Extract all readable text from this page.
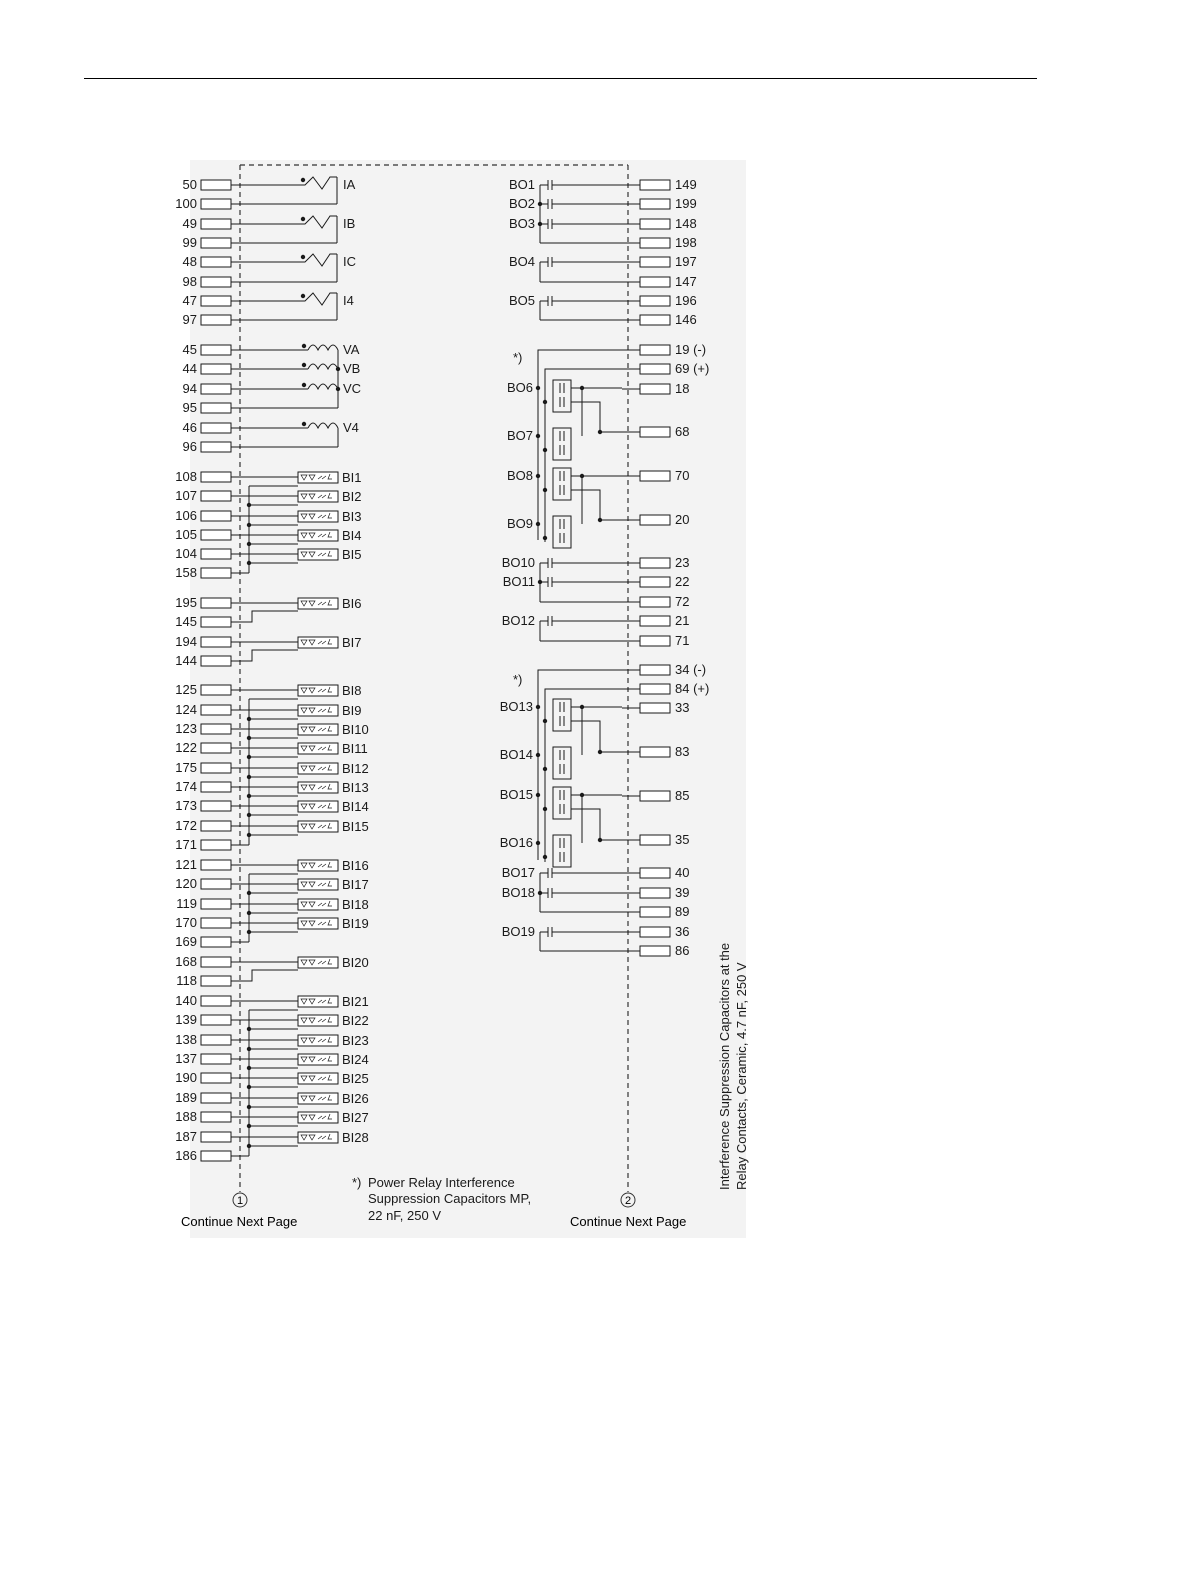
50
100
49
99
48
98
47
97
45
44
94
95
46
96
108
107
106
105
104
158
195
145
194
144
125
124
123
122
175
174
173
172
171
121
120
119
170
169
168
118
140
139
138
137
190
189
188
187
186
IA
IB
IC
I4
VA
VB
VC
V4
BI1
BI2
BI3
BI4
BI5
BI6
BI7
BI8
BI9
BI10
BI11
BI12
BI13
BI14
BI15
BI16
BI17
BI18
BI19
BI20
BI21
BI22
BI23
BI24
BI25
BI26
BI27
BI28
149
199
148
198
197
147
196
146
19 (-)
69 (+)
18
68
70
20
23
22
72
21
71
34 (-)
84 (+)
33
83
85
35
40
39
89
36
86
BO1
BO2
BO3
BO4
BO5
*)
BO6
BO7
BO8
BO9
BO10
BO11
BO12
*)
BO13
BO14
BO15
BO16
BO17
BO18
BO19
*) Power Relay Interference
Suppression Capacitors MP,
22 nF, 250 V
Interference Suppression Capacitors at the Relay Contacts, Ceramic, 4.7 nF, 250 V
1
Continue Next Page
2
Continue Next Page
